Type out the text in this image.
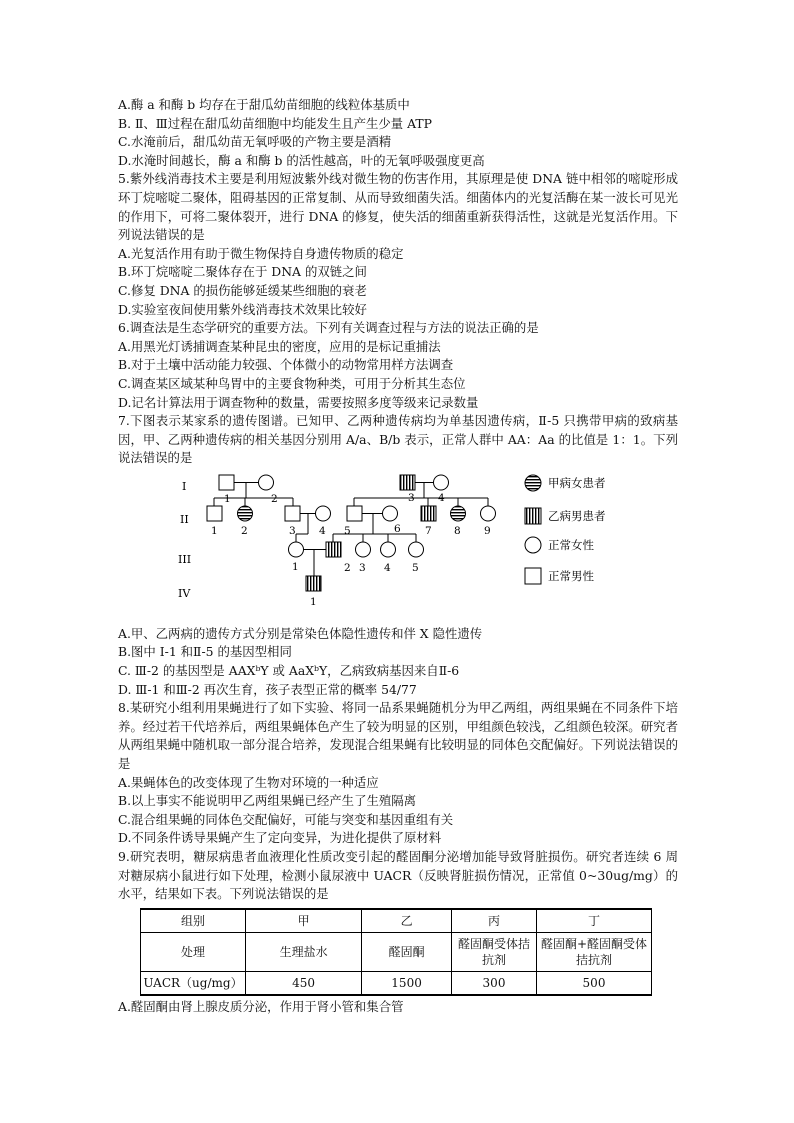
A.酶 a 和酶 b 均存在于甜瓜幼苗细胞的线粒体基质中
B. Ⅱ、Ⅲ过程在甜瓜幼苗细胞中均能发生且产生少量 ATP
C.水淹前后，甜瓜幼苗无氧呼吸的产物主要是酒精
D.水淹时间越长，酶 a 和酶 b 的活性越高，叶的无氧呼吸强度更高
5.紫外线消毒技术主要是利用短波紫外线对微生物的伤害作用，其原理是使 DNA 链中相邻的嘧啶形成环丁烷嘧啶二聚体，阻碍基因的正常复制、从而导致细菌失活。细菌体内的光复活酶在某一波长可见光的作用下，可将二聚体裂开，进行 DNA 的修复，使失活的细菌重新获得活性，这就是光复活作用。下列说法错误的是
A.光复活作用有助于微生物保持自身遗传物质的稳定
B.环丁烷嘧啶二聚体存在于 DNA 的双链之间
C.修复 DNA 的损伤能够延缓某些细胞的衰老
D.实验室夜间使用紫外线消毒技术效果比较好
6.调查法是生态学研究的重要方法。下列有关调查过程与方法的说法正确的是
A.用黑光灯诱捕调查某种昆虫的密度，应用的是标记重捕法
B.对于土壤中活动能力较强、个体微小的动物常用样方法调查
C.调查某区域某种鸟胃中的主要食物种类，可用于分析其生态位
D.记名计算法用于调查物种的数量，需要按照多度等级来记录数量
7.下图表示某家系的遗传图谱。已知甲、乙两种遗传病均为单基因遗传病，Ⅱ-5 只携带甲病的致病基因，甲、乙两种遗传病的相关基因分别用 A/a、B/b 表示，正常人群中 AA：Aa 的比值是 1：1。下列说法错误的是
I
II
III
IV
甲病女患者
乙病男患者
正常女性
正常男性
1	2	3 4
1 2	3 4 5	6 7 8 9
1	2 3 4 5
1
A.甲、乙两病的遗传方式分别是常染色体隐性遗传和伴 X 隐性遗传
B.图中 I-1 和Ⅱ-5 的基因型相同
C. Ⅲ-2 的基因型是 AAXᵇY 或 AaXᵇY，乙病致病基因来自Ⅱ-6
D. Ⅲ-1 和Ⅲ-2 再次生育，孩子表型正常的概率 54/77
8.某研究小组利用果蝇进行了如下实验、将同一品系果蝇随机分为甲乙两组，两组果蝇在不同条件下培养。经过若干代培养后，两组果蝇体色产生了较为明显的区别，甲组颜色较浅，乙组颜色较深。研究者从两组果蝇中随机取一部分混合培养，发现混合组果蝇有比较明显的同体色交配偏好。下列说法错误的是
A.果蝇体色的改变体现了生物对环境的一种适应
B.以上事实不能说明甲乙两组果蝇已经产生了生殖隔离
C.混合组果蝇的同体色交配偏好，可能与突变和基因重组有关
D.不同条件诱导果蝇产生了定向变异，为进化提供了原材料
9.研究表明，糖尿病患者血液理化性质改变引起的醛固酮分泌增加能导致肾脏损伤。研究者连续 6 周对糖尿病小鼠进行如下处理，检测小鼠尿液中 UACR（反映肾脏损伤情况，正常值 0~30ug/mg）的水平，结果如下表。下列说法错误的是
组别	甲	乙	丙	丁
处理	生理盐水	醛固酮	醛固酮受体拮抗剂	醛固酮+醛固酮受体拮抗剂
UACR（ug/mg）	450	1500	300	500
A.醛固酮由肾上腺皮质分泌，作用于肾小管和集合管
